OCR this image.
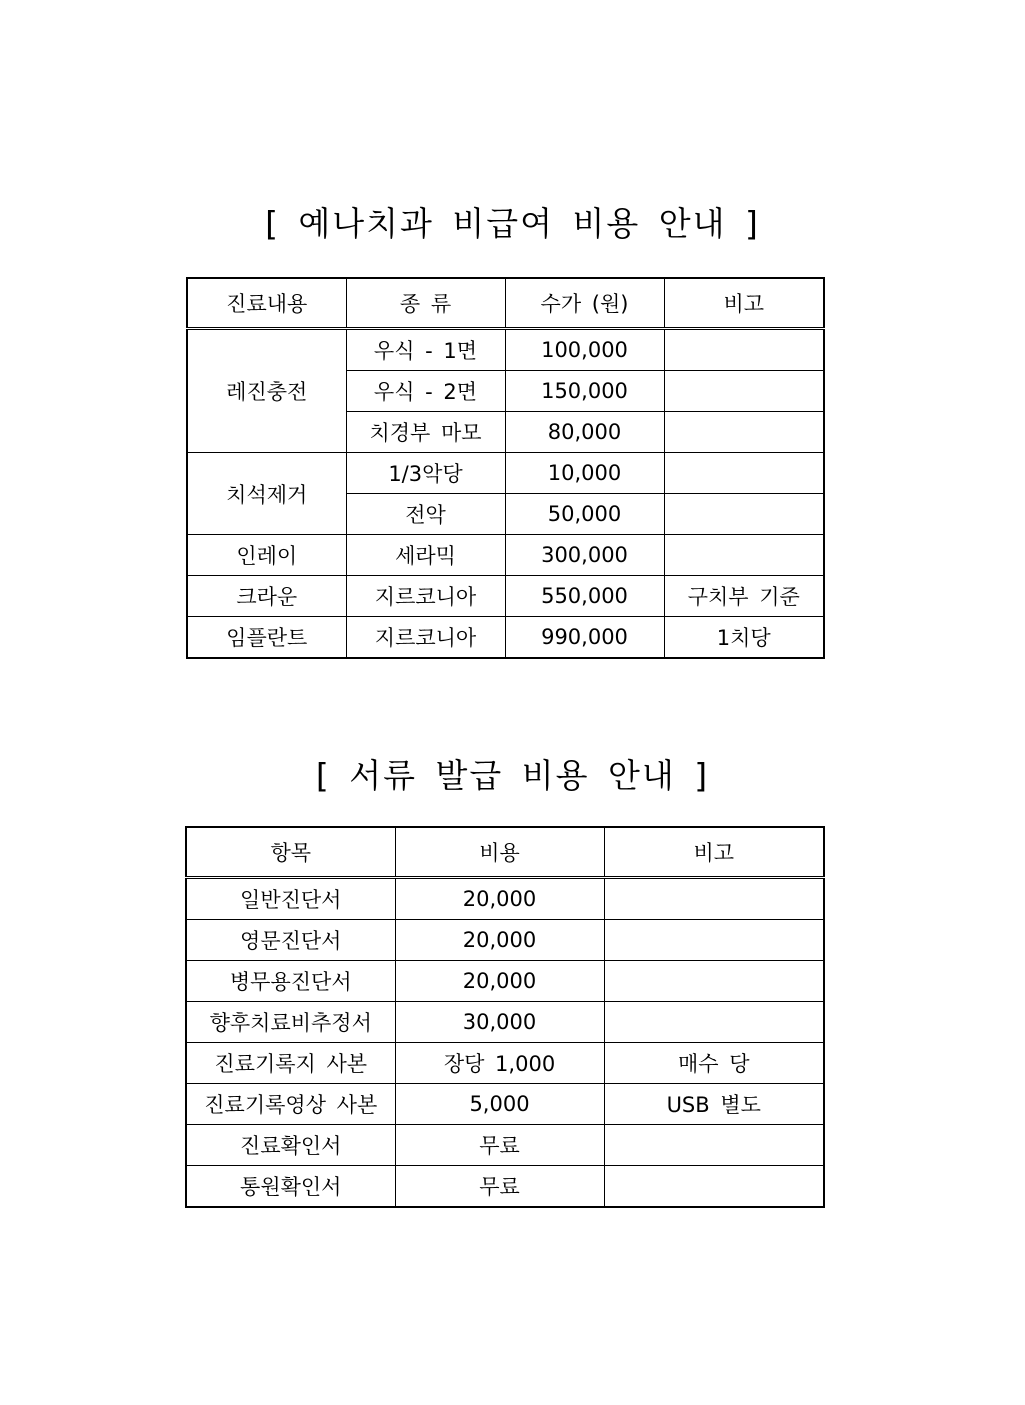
[ 예나치과 비급여 비용 안내 ]
진료내용	종 류	수가 (원)	비고
레진충전	우식 - 1면	100,000	
	우식 - 2면	150,000	
	치경부 마모	80,000	
치석제거	1/3악당	10,000	
	전악	50,000	
인레이	세라믹	300,000	
크라운	지르코니아	550,000	구치부 기준
임플란트	지르코니아	990,000	1치당
[ 서류 발급 비용 안내 ]
항목	비용	비고
일반진단서	20,000	
영문진단서	20,000	
병무용진단서	20,000	
향후치료비추정서	30,000	
진료기록지 사본	장당 1,000	매수 당
진료기록영상 사본	5,000	USB 별도
진료확인서	무료	
통원확인서	무료	
